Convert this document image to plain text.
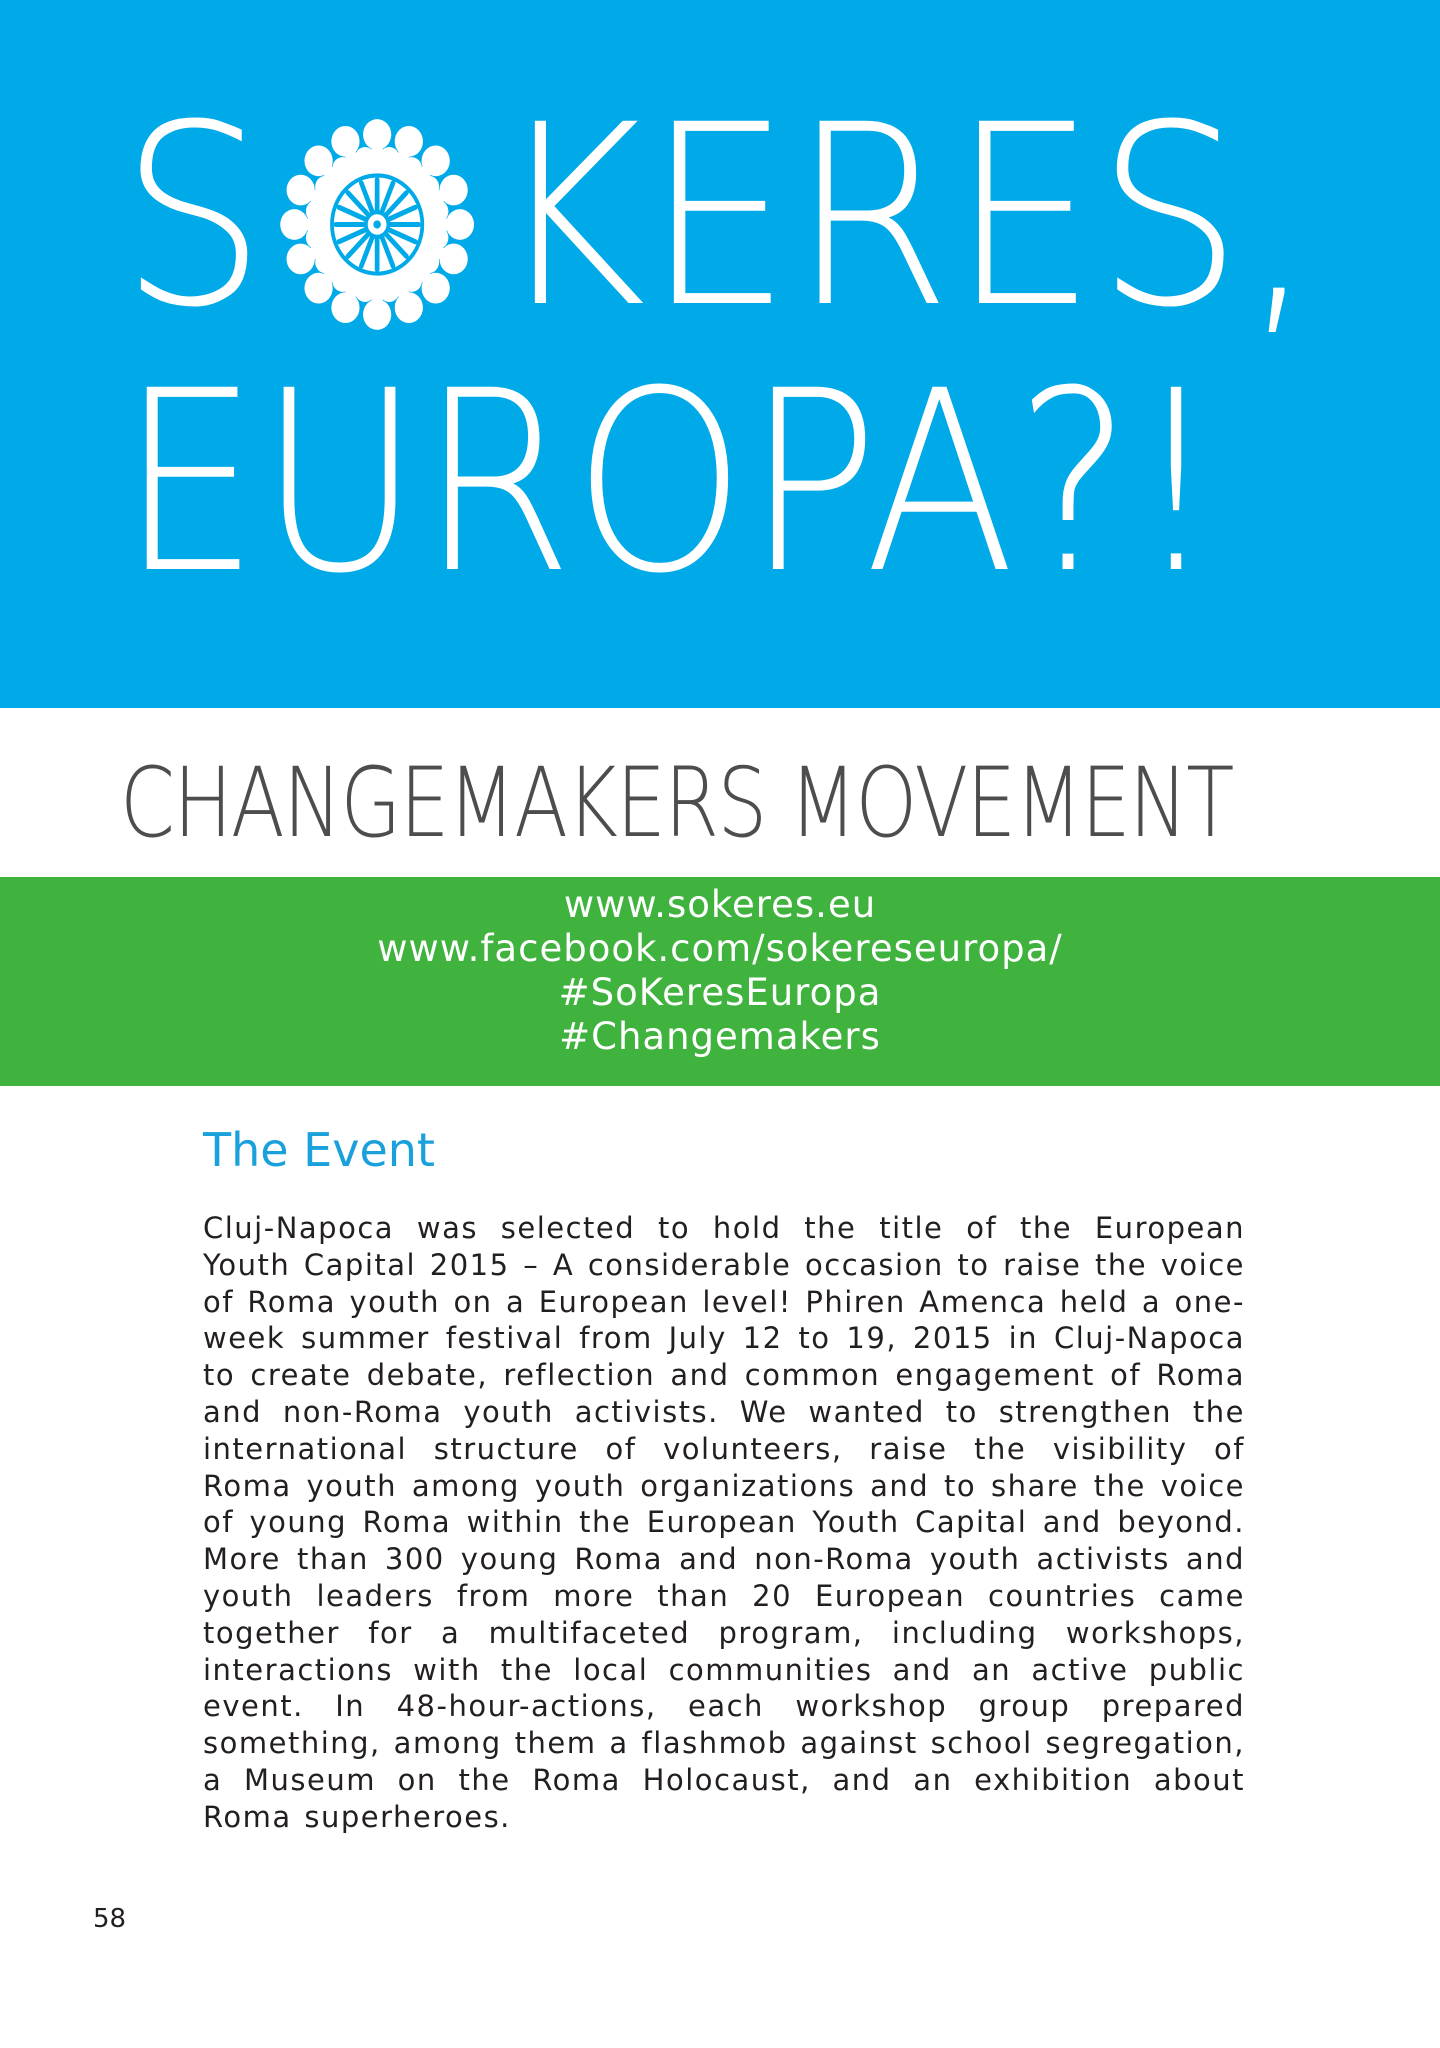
S KERES,
EUROPA?!
CHANGEMAKERS MOVEMENT
www.sokeres.eu
www.facebook.com/sokereseuropa/
#SoKeresEuropa
#Changemakers
The Event

Cluj-Napoca was selected to hold the title of the European Youth Capital 2015 – A considerable occasion to raise the voice of Roma youth on a European level! Phiren Amenca held a one-week summer festival from July 12 to 19, 2015 in Cluj-Napoca to create debate, reflection and common engagement of Roma and non-Roma youth activists. We wanted to strengthen the international structure of volunteers, raise the visibility of Roma youth among youth organizations and to share the voice of young Roma within the European Youth Capital and beyond. More than 300 young Roma and non-Roma youth activists and youth leaders from more than 20 European countries came together for a multifaceted program, including workshops, interactions with the local communities and an active public event. In 48-hour-actions, each workshop group prepared something, among them a flashmob against school segregation, a Museum on the Roma Holocaust, and an exhibition about Roma superheroes.

58
